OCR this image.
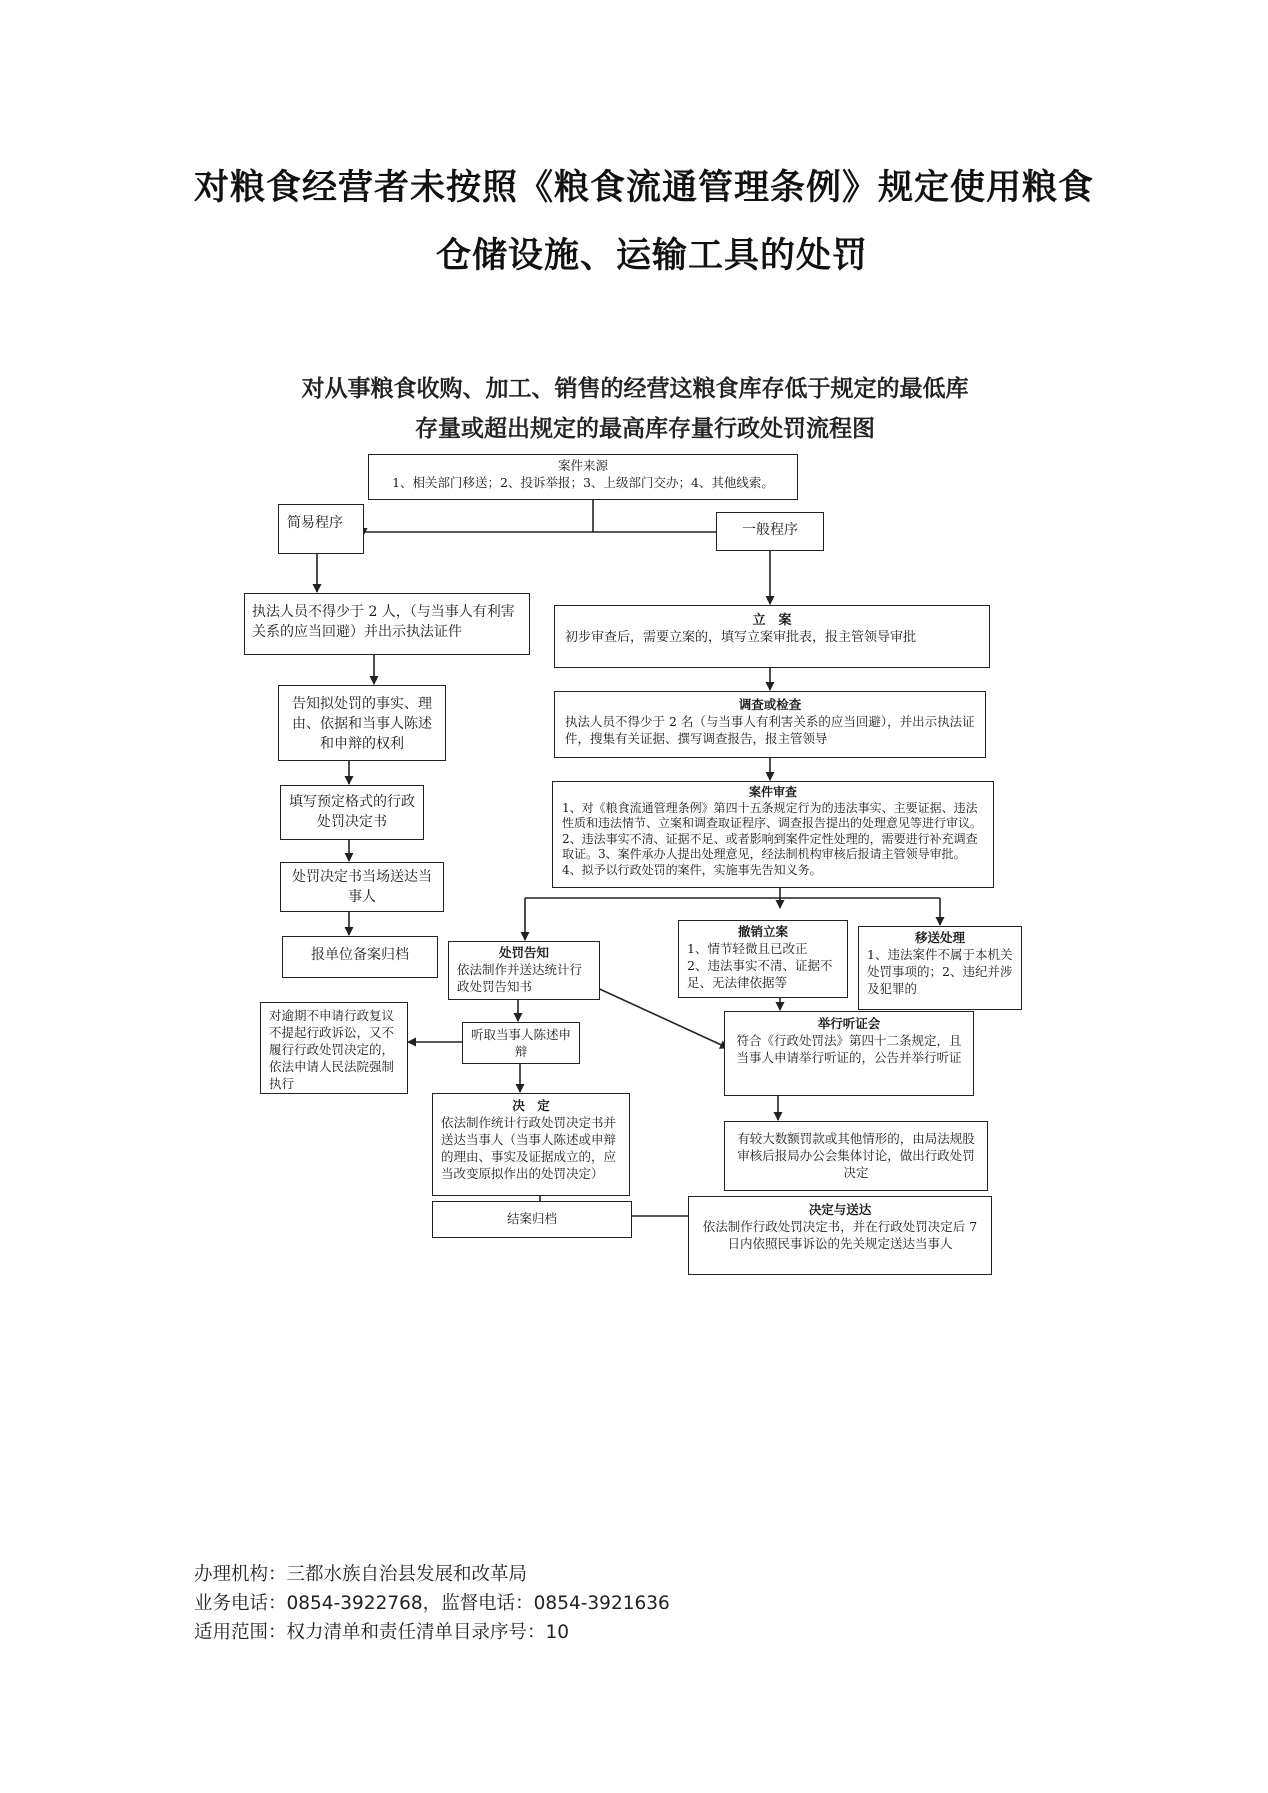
对粮食经营者未按照《粮食流通管理条例》规定使用粮食
仓储设施、运输工具的处罚
对从事粮食收购、加工、销售的经营这粮食库存低于规定的最低库
存量或超出规定的最高库存量行政处罚流程图
案件来源
1、相关部门移送；2、投诉举报；3、上级部门交办；4、其他线索。
简易程序	一般程序
执法人员不得少于 2 人，（与当事人有利害关系的应当回避）并出示执法证件
告知拟处罚的事实、理由、依据和当事人陈述和申辩的权利
填写预定格式的行政处罚决定书
处罚决定书当场送达当事人
报单位备案归档
立　案
初步审查后，需要立案的，填写立案审批表，报主管领导审批
调查或检查
执法人员不得少于 2 名（与当事人有利害关系的应当回避），并出示执法证件，搜集有关证据、撰写调查报告，报主管领导
案件审查
1、对《粮食流通管理条例》第四十五条规定行为的违法事实、主要证据、违法性质和违法情节、立案和调查取证程序、调查报告提出的处理意见等进行审议。2、违法事实不清、证据不足、或者影响到案件定性处理的，需要进行补充调查取证。3、案件承办人提出处理意见，经法制机构审核后报请主管领导审批。4、拟予以行政处罚的案件，实施事先告知义务。
处罚告知
依法制作并送达统计行政处罚告知书
撤销立案
1、情节轻微且已改正　2、违法事实不清、证据不足、无法律依据等
移送处理
1、违法案件不属于本机关处罚事项的；2、违纪并涉及犯罪的
对逾期不申请行政复议不提起行政诉讼，又不履行行政处罚决定的，依法申请人民法院强制执行
听取当事人陈述申辩
举行听证会
符合《行政处罚法》第四十二条规定，且当事人申请举行听证的，公告并举行听证
决　定
依法制作统计行政处罚决定书并送达当事人（当事人陈述或申辩的理由、事实及证据成立的，应当改变原拟作出的处罚决定）
有较大数额罚款或其他情形的，由局法规股审核后报局办公会集体讨论，做出行政处罚决定
决定与送达
依法制作行政处罚决定书，并在行政处罚决定后 7 日内依照民事诉讼的先关规定送达当事人
结案归档
办理机构：三都水族自治县发展和改革局
业务电话：0854-3922768，监督电话：0854-3921636
适用范围：权力清单和责任清单目录序号：10
